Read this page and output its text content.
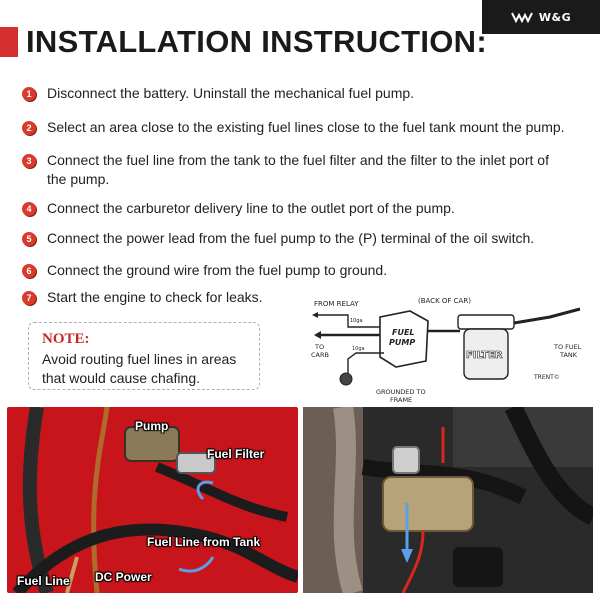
W&G
INSTALLATION INSTRUCTION:
1	Disconnect the battery. Uninstall the mechanical fuel pump.
2	Select an area close to the existing fuel lines close to the fuel tank mount the pump.
3	Connect the fuel line from the tank to the fuel filter and the filter to the inlet port of the pump.
4	Connect the carburetor delivery line to the outlet port of the pump.
5	Connect the power lead from the fuel pump to the (P) terminal of the oil switch.
6	Connect the ground wire from the fuel pump to ground.
7	Start the engine to check for leaks.
NOTE:
Avoid routing fuel lines in areas that would cause chafing.
FROM RELAY	(BACK OF CAR)
10ga
TO
CARB
FUEL
PUMP
10ga
GROUNDED TO
FRAME
FILTER
TO FUEL
TANK
TRENT©
Pump
Fuel Filter
Fuel Line from Tank
Fuel Line DC Power
